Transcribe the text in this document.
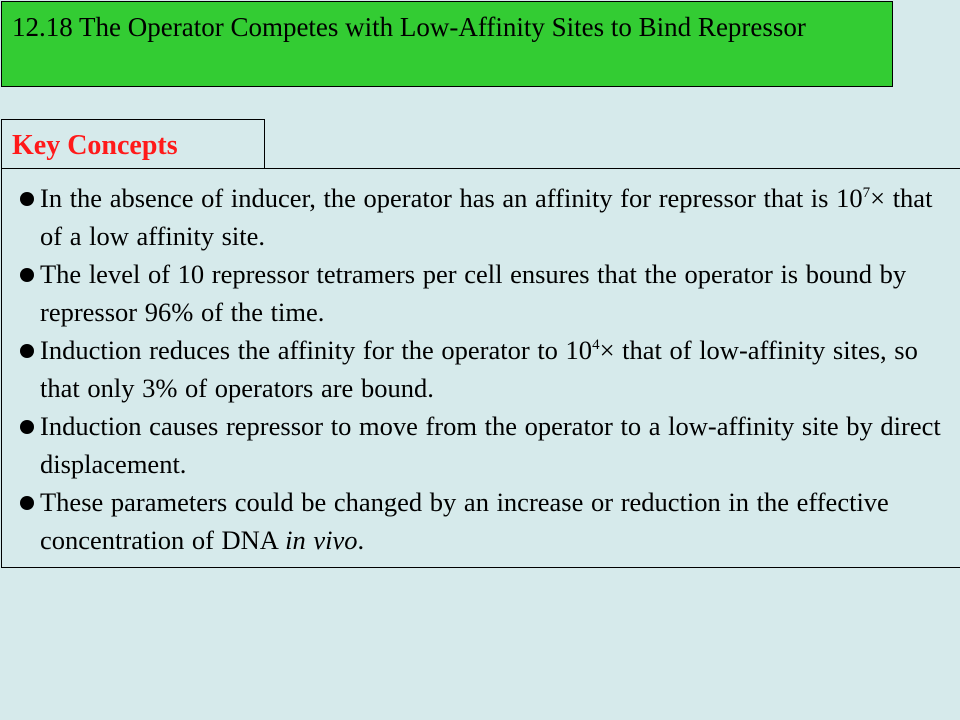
12.18 The Operator Competes with Low-Affinity Sites to Bind Repressor
Key Concepts
In the absence of inducer, the operator has an affinity for repressor that is $10^7\times$ that of a low affinity site.
The level of 10 repressor tetramers per cell ensures that the operator is bound by repressor 96% of the time.
Induction reduces the affinity for the operator to $10^4\times$ that of low-affinity sites, so that only 3% of operators are bound.
Induction causes repressor to move from the operator to a low-affinity site by direct displacement.
These parameters could be changed by an increase or reduction in the effective concentration of DNA in vivo.
